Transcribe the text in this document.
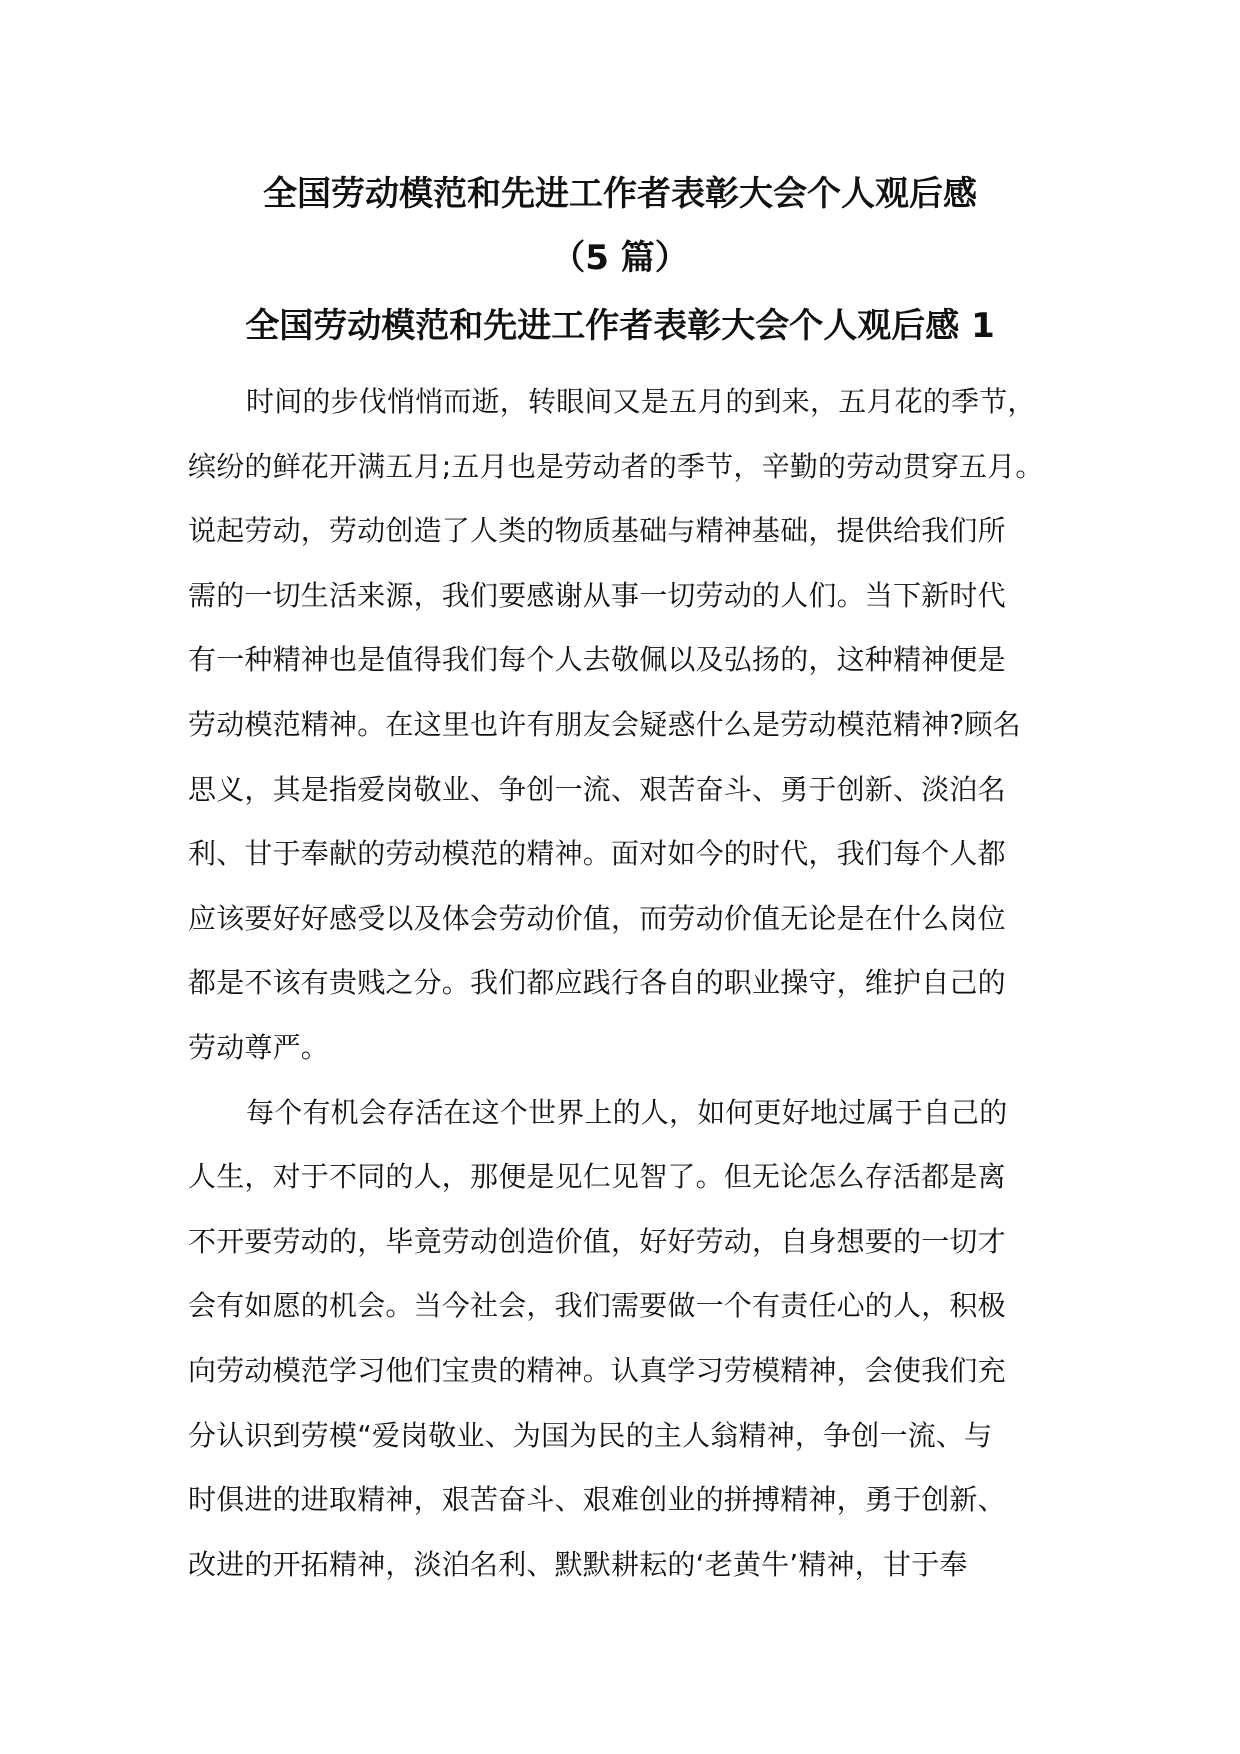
全国劳动模范和先进工作者表彰大会个人观后感
（5 篇）
全国劳动模范和先进工作者表彰大会个人观后感 1
时间的步伐悄悄而逝，转眼间又是五月的到来，五月花的季节，
缤纷的鲜花开满五月;五月也是劳动者的季节，辛勤的劳动贯穿五月。
说起劳动，劳动创造了人类的物质基础与精神基础，提供给我们所
需的一切生活来源，我们要感谢从事一切劳动的人们。当下新时代
有一种精神也是值得我们每个人去敬佩以及弘扬的，这种精神便是
劳动模范精神。在这里也许有朋友会疑惑什么是劳动模范精神?顾名
思义，其是指爱岗敬业、争创一流、艰苦奋斗、勇于创新、淡泊名
利、甘于奉献的劳动模范的精神。面对如今的时代，我们每个人都
应该要好好感受以及体会劳动价值，而劳动价值无论是在什么岗位
都是不该有贵贱之分。我们都应践行各自的职业操守，维护自己的
劳动尊严。
每个有机会存活在这个世界上的人，如何更好地过属于自己的
人生，对于不同的人，那便是见仁见智了。但无论怎么存活都是离
不开要劳动的，毕竟劳动创造价值，好好劳动，自身想要的一切才
会有如愿的机会。当今社会，我们需要做一个有责任心的人，积极
向劳动模范学习他们宝贵的精神。认真学习劳模精神，会使我们充
分认识到劳模“爱岗敬业、为国为民的主人翁精神，争创一流、与
时俱进的进取精神，艰苦奋斗、艰难创业的拼搏精神，勇于创新、
改进的开拓精神，淡泊名利、默默耕耘的‘老黄牛’精神，甘于奉
